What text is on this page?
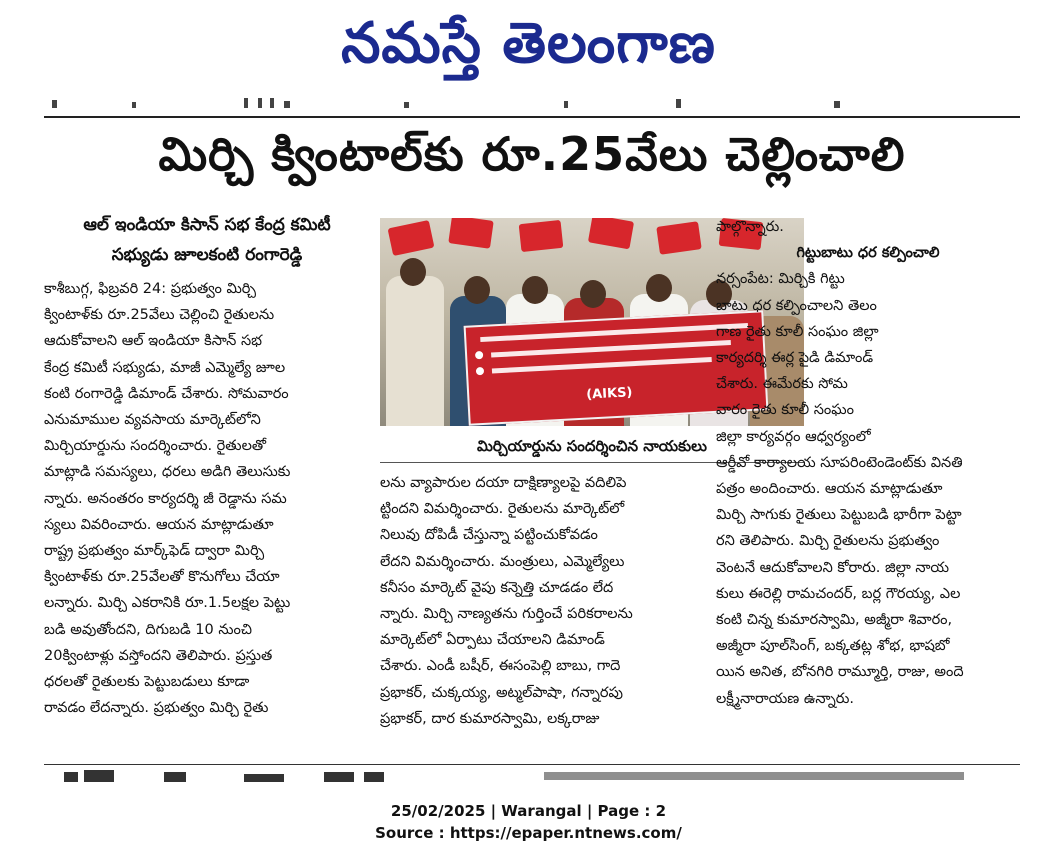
నమస్తే తెలంగాణ
మిర్చి క్వింటాల్‌కు రూ.25వేలు చెల్లించాలి
ఆల్ ఇండియా కిసాన్ సభ కేంద్ర కమిటీ
సభ్యుడు జూలకంటి రంగారెడ్డి
కాశీబుగ్గ, ఫిబ్రవరి 24: ప్రభుత్వం మిర్చి
క్వింటాళ్‌కు రూ.25వేలు చెల్లించి రైతులను
ఆదుకోవాలని ఆల్ ఇండియా కిసాన్ సభ
కేంద్ర కమిటీ సభ్యుడు, మాజీ ఎమ్మెల్యే జూల
కంటి రంగారెడ్డి డిమాండ్ చేశారు. సోమవారం
ఎనుమాముల వ్యవసాయ మార్కెట్‌లోని
మిర్చియార్డును సందర్శించారు. రైతులతో
మాట్లాడి సమస్యలు, ధరలు అడిగి తెలుసుకు
న్నారు. అనంతరం కార్యదర్శి జీ రెడ్డాను సమ
స్యలు వివరించారు. ఆయన మాట్లాడుతూ
రాష్ట్ర ప్రభుత్వం మార్క్‌ఫెడ్ ద్వారా మిర్చి
క్వింటాళ్‌కు రూ.25వేలతో కొనుగోలు చేయా
లన్నారు. మిర్చి ఎకరానికి రూ.1.5లక్షల పెట్టు
బడి అవుతోందని, దిగుబడి 10 నుంచి
20క్వింటాళ్లు వస్తోందని తెలిపారు. ప్రస్తుత
ధరలతో రైతులకు పెట్టుబడులు కూడా
రావడం లేదన్నారు. ప్రభుత్వం మిర్చి రైతు
(AIKS)
మిర్చియార్డును సందర్శించిన నాయకులు
లను వ్యాపారుల దయా దాక్షిణ్యాలపై వదిలిపె
ట్టిందని విమర్శించారు. రైతులను మార్కెట్‌లో
నిలువు దోపిడీ చేస్తున్నా పట్టించుకోవడం
లేదని విమర్శించారు. మంత్రులు, ఎమ్మెల్యేలు
కనీసం మార్కెట్ వైపు కన్నెత్తి చూడడం లేద
న్నారు. మిర్చి నాణ్యతను గుర్తించే పరికరాలను
మార్కెట్‌లో ఏర్పాటు చేయాలని డిమాండ్
చేశారు. ఎండీ బషీర్, ఈసంపెల్లి బాబు, గాదె
ప్రభాకర్, చుక్కయ్య, అట్మల్‌పాషా, గన్నారపు
ప్రభాకర్, దార కుమారస్వామి, లక్కరాజు
పాల్గొన్నారు.
గిట్టుబాటు ధర కల్పించాలి
నర్సంపేట: మిర్చికి గిట్టు
బాటు ధర కల్పించాలని తెలం
గాణ రైతు కూలీ సంఘం జిల్లా
కార్యదర్శి ఈర్ల పైడి డిమాండ్
చేశారు. ఈమేరకు సోమ
వారం రైతు కూలీ సంఘం
జిల్లా కార్యవర్గం ఆధ్వర్యంలో
ఆర్డీవో కార్యాలయ సూపరింటెండెంట్‌కు వినతి
పత్రం అందించారు. ఆయన మాట్లాడుతూ
మిర్చి సాగుకు రైతులు పెట్టుబడి భారీగా పెట్టా
రని తెలిపారు. మిర్చి రైతులను ప్రభుత్వం
వెంటనే ఆదుకోవాలని కోరారు. జిల్లా నాయ
కులు ఈరెల్లి రామచందర్, బర్ల గౌరయ్య, ఎల
కంటి చిన్న కుమారస్వామి, అజ్మీరా శివారం,
అజ్మీరా పూల్‌సింగ్, బక్కతట్ల శోభ, భాషబో
యిన అనిత, బోనగిరి రామ్మూర్తి, రాజు, అందె
లక్ష్మీనారాయణ ఉన్నారు.
25/02/2025 | Warangal | Page : 2
Source : https://epaper.ntnews.com/
